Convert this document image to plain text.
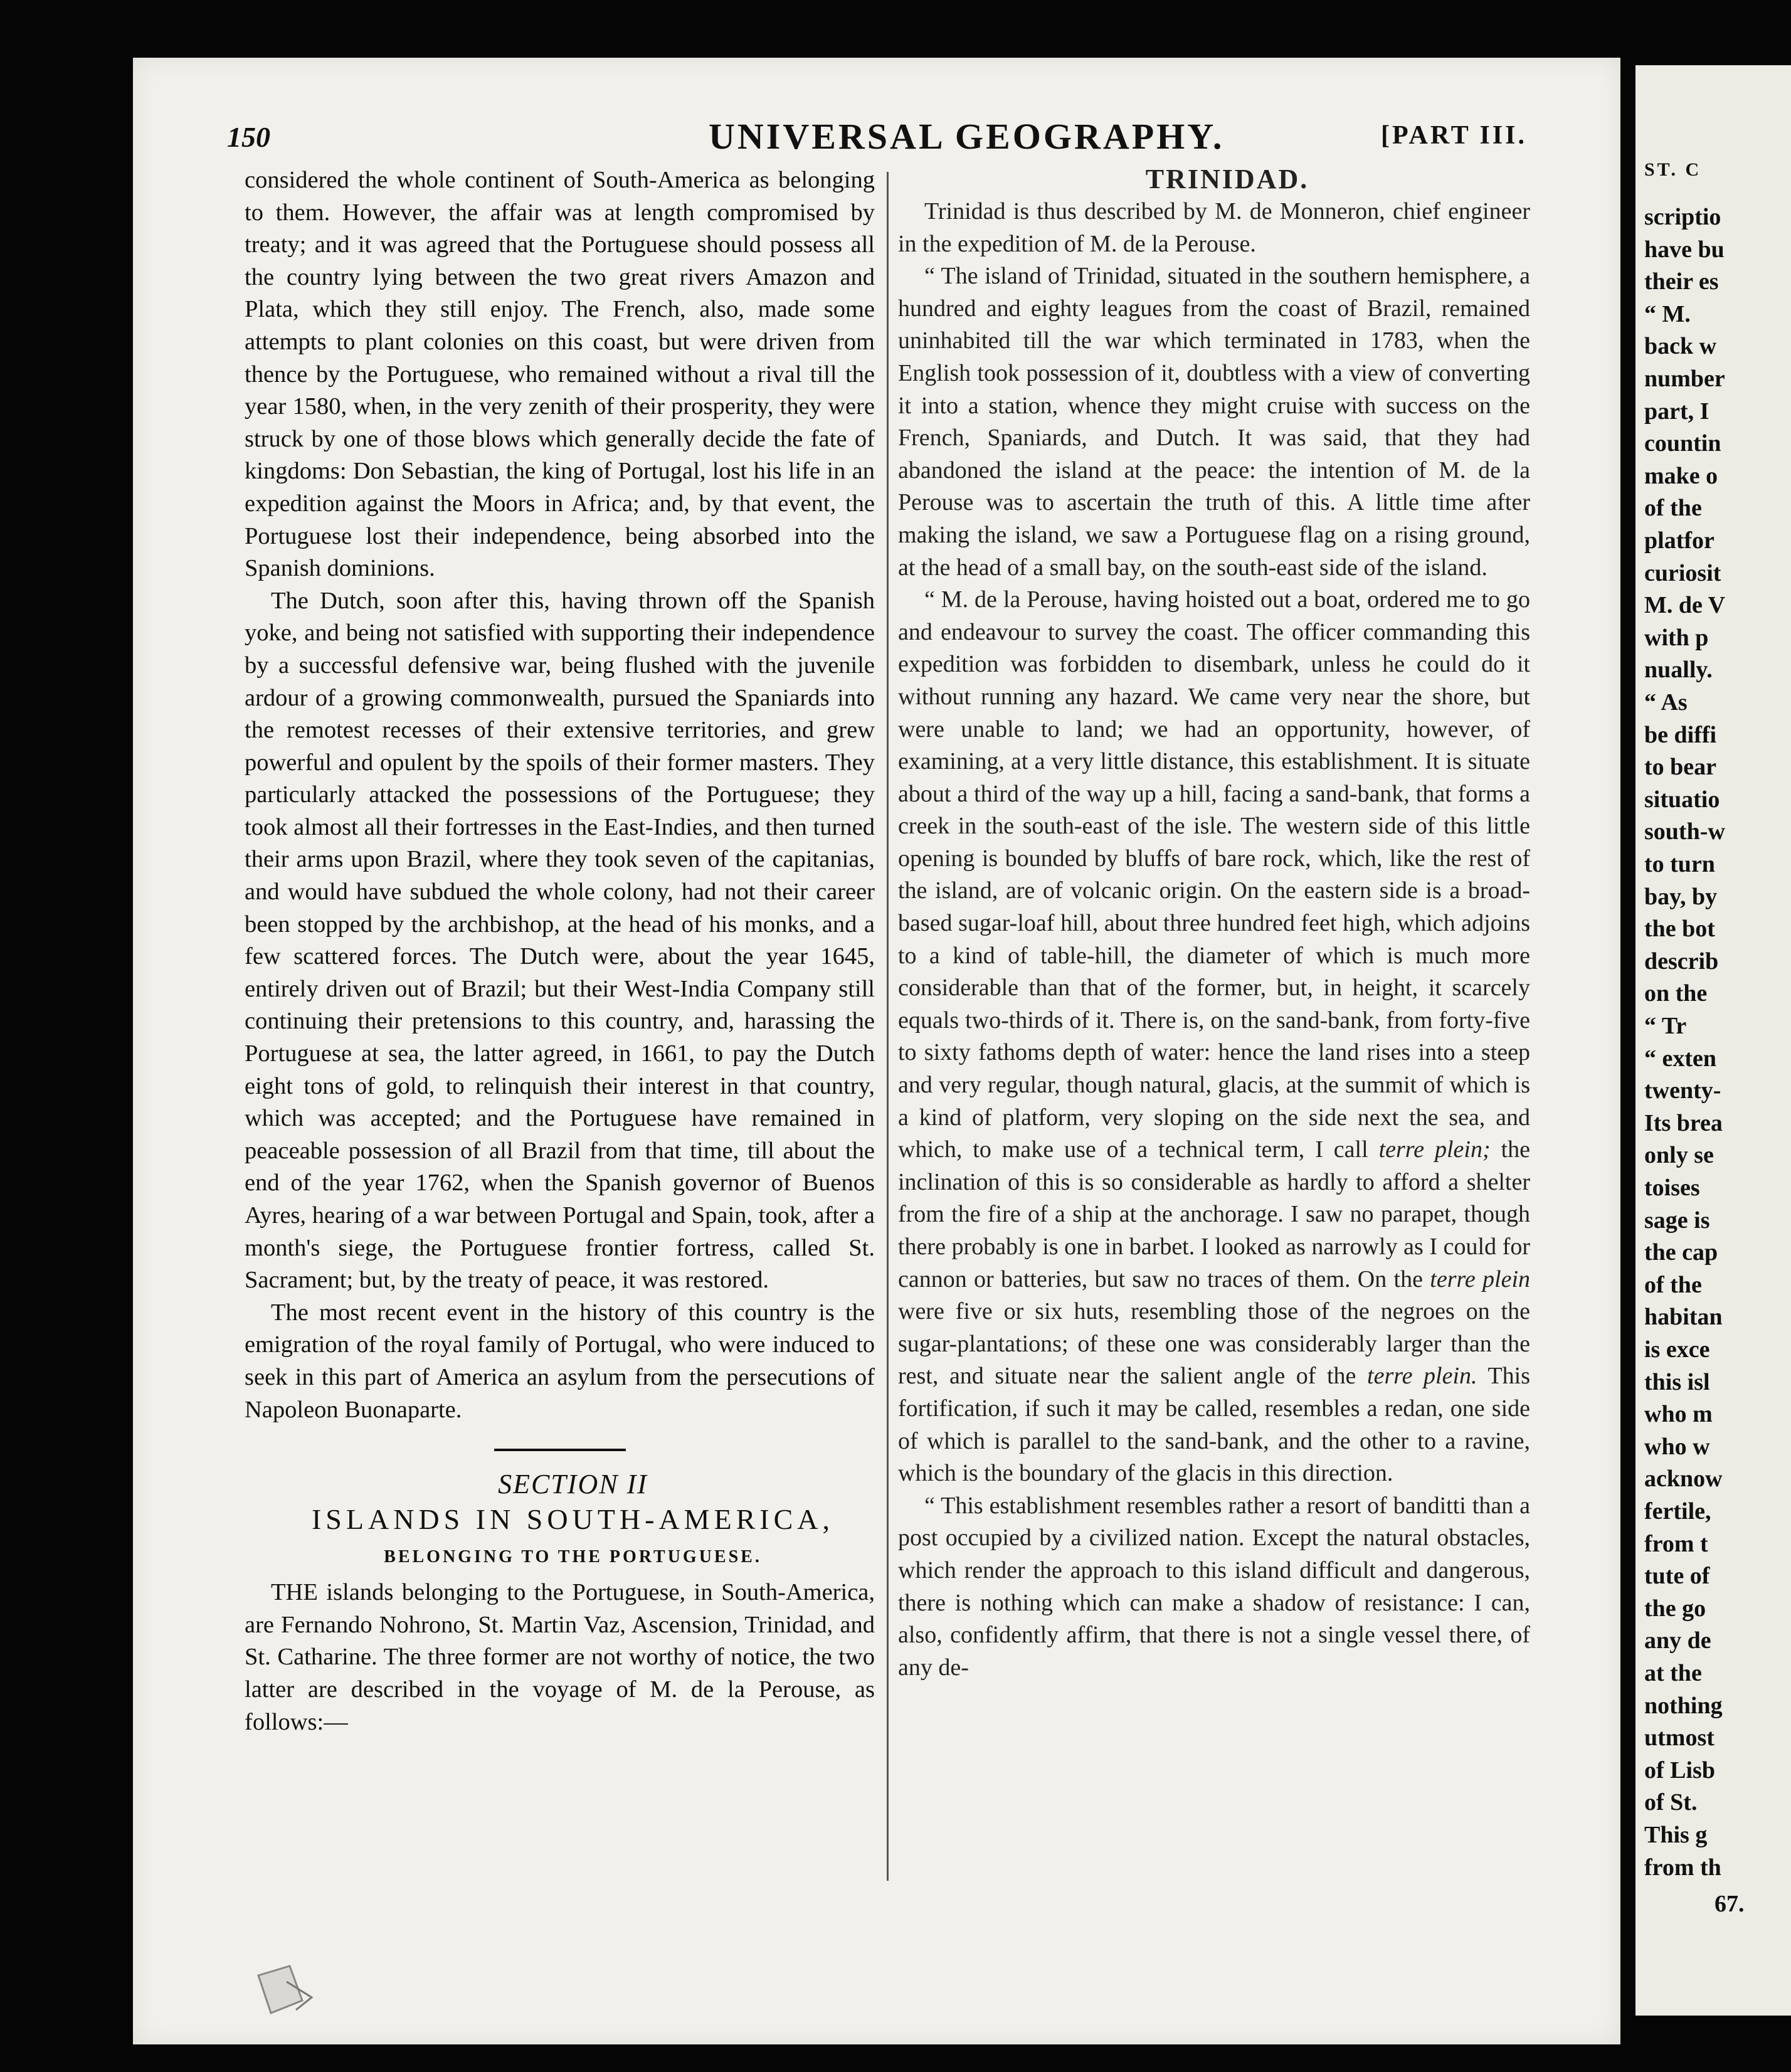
150	UNIVERSAL GEOGRAPHY.	[PART III.

considered the whole continent of South-America as belonging to them. However, the affair was at length compromised by treaty; and it was agreed that the Portuguese should possess all the country lying between the two great rivers Amazon and Plata, which they still enjoy. The French, also, made some attempts to plant colonies on this coast, but were driven from thence by the Portuguese, who remained without a rival till the year 1580, when, in the very zenith of their prosperity, they were struck by one of those blows which generally decide the fate of kingdoms: Don Sebastian, the king of Portugal, lost his life in an expedition against the Moors in Africa; and, by that event, the Portuguese lost their independence, being absorbed into the Spanish dominions.

The Dutch, soon after this, having thrown off the Spanish yoke, and being not satisfied with supporting their independence by a successful defensive war, being flushed with the juvenile ardour of a growing commonwealth, pursued the Spaniards into the remotest recesses of their extensive territories, and grew powerful and opulent by the spoils of their former masters. They particularly attacked the possessions of the Portuguese; they took almost all their fortresses in the East-Indies, and then turned their arms upon Brazil, where they took seven of the capitanias, and would have subdued the whole colony, had not their career been stopped by the archbishop, at the head of his monks, and a few scattered forces. The Dutch were, about the year 1645, entirely driven out of Brazil; but their West-India Company still continuing their pretensions to this country, and, harassing the Portuguese at sea, the latter agreed, in 1661, to pay the Dutch eight tons of gold, to relinquish their interest in that country, which was accepted; and the Portuguese have remained in peaceable possession of all Brazil from that time, till about the end of the year 1762, when the Spanish governor of Buenos Ayres, hearing of a war between Portugal and Spain, took, after a month's siege, the Portuguese frontier fortress, called St. Sacrament; but, by the treaty of peace, it was restored.

The most recent event in the history of this country is the emigration of the royal family of Portugal, who were induced to seek in this part of America an asylum from the persecutions of Napoleon Buonaparte.

SECTION II

ISLANDS IN SOUTH-AMERICA,

BELONGING TO THE PORTUGUESE.

THE islands belonging to the Portuguese, in South-America, are Fernando Nohrono, St. Martin Vaz, Ascension, Trinidad, and St. Catharine. The three former are not worthy of notice, the two latter are described in the voyage of M. de la Perouse, as follows:—

TRINIDAD.

Trinidad is thus described by M. de Monneron, chief engineer in the expedition of M. de la Perouse.

“ The island of Trinidad, situated in the southern hemisphere, a hundred and eighty leagues from the coast of Brazil, remained uninhabited till the war which terminated in 1783, when the English took possession of it, doubtless with a view of converting it into a station, whence they might cruise with success on the French, Spaniards, and Dutch. It was said, that they had abandoned the island at the peace: the intention of M. de la Perouse was to ascertain the truth of this. A little time after making the island, we saw a Portuguese flag on a rising ground, at the head of a small bay, on the south-east side of the island.

“ M. de la Perouse, having hoisted out a boat, ordered me to go and endeavour to survey the coast. The officer commanding this expedition was forbidden to disembark, unless he could do it without running any hazard. We came very near the shore, but were unable to land; we had an opportunity, however, of examining, at a very little distance, this establishment. It is situate about a third of the way up a hill, facing a sand-bank, that forms a creek in the south-east of the isle. The western side of this little opening is bounded by bluffs of bare rock, which, like the rest of the island, are of volcanic origin. On the eastern side is a broad-based sugar-loaf hill, about three hundred feet high, which adjoins to a kind of table-hill, the diameter of which is much more considerable than that of the former, but, in height, it scarcely equals two-thirds of it. There is, on the sand-bank, from forty-five to sixty fathoms depth of water: hence the land rises into a steep and very regular, though natural, glacis, at the summit of which is a kind of platform, very sloping on the side next the sea, and which, to make use of a technical term, I call terre plein; the inclination of this is so considerable as hardly to afford a shelter from the fire of a ship at the anchorage. I saw no parapet, though there probably is one in barbet. I looked as narrowly as I could for cannon or batteries, but saw no traces of them. On the terre plein were five or six huts, resembling those of the negroes on the sugar-plantations; of these one was considerably larger than the rest, and situate near the salient angle of the terre plein. This fortification, if such it may be called, resembles a redan, one side of which is parallel to the sand-bank, and the other to a ravine, which is the boundary of the glacis in this direction.

“ This establishment resembles rather a resort of banditti than a post occupied by a civilized nation. Except the natural obstacles, which render the approach to this island difficult and dangerous, there is nothing which can make a shadow of resistance: I can, also, confidently affirm, that there is not a single vessel there, of any de-

ST. C
scriptio
have bu
their es
“ M.
back w
number
part, I
countin
make o
of the
platfor
curiosit
M. de V
with p
nually.
“ As
be diffi
to bear
situatio
south-w
to turn
bay, by
the bot
describ
on the
“ Tr
“ exten
twenty-
Its brea
only se
toises
sage is
the cap
of the
habitan
is exce
this isl
who m
who w
acknow
fertile,
from t
tute of
the go
any de
at the
nothing
utmost
of Lisb
of St.
This g
from th
67.
